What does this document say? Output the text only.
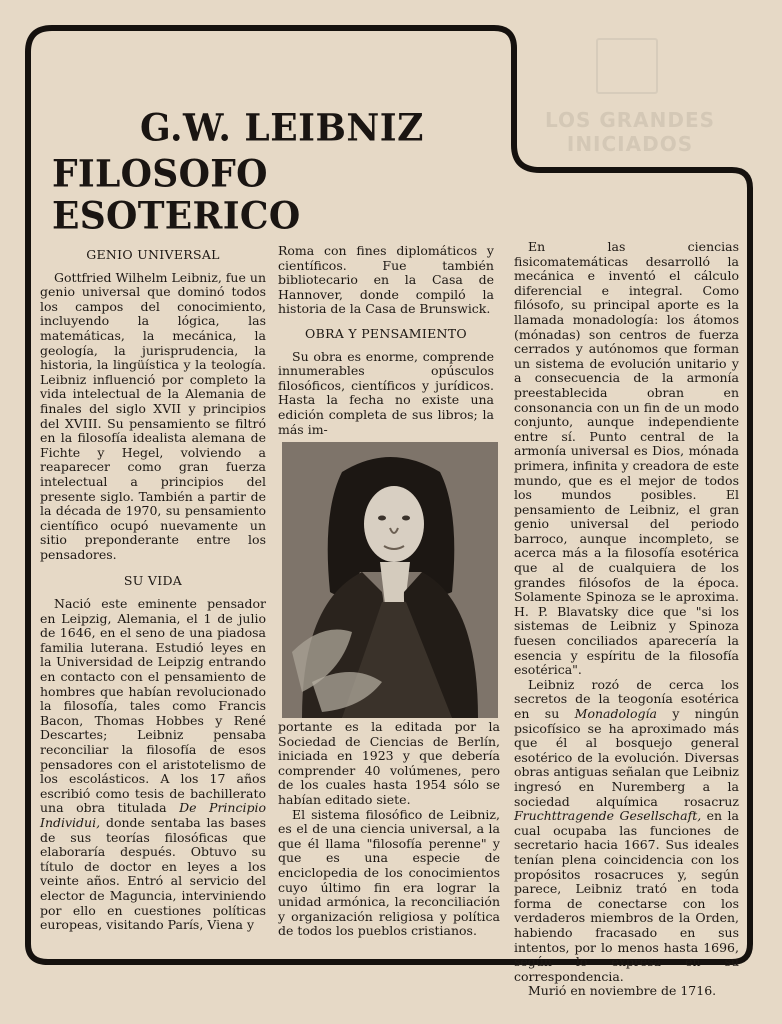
LOS GRANDES
INICIADOS
G.W. LEIBNIZ
FILOSOFO ESOTERICO
GENIO UNIVERSAL

Gottfried Wilhelm Leibniz, fue un genio universal que dominó todos los campos del conocimiento, incluyendo la lógica, las matemáticas, la mecánica, la geología, la jurisprudencia, la historia, la lingüística y la teología. Leibniz influenció por completo la vida intelectual de la Alemania de finales del siglo XVII y principios del XVIII. Su pensamiento se filtró en la filosofía idealista alemana de Fichte y Hegel, volviendo a reaparecer como gran fuerza intelectual a principios del presente siglo. También a partir de la década de 1970, su pensamiento científico ocupó nuevamente un sitio preponderante entre los pensadores.

SU VIDA

Nació este eminente pensador en Leipzig, Alemania, el 1 de julio de 1646, en el seno de una piadosa familia luterana. Estudió leyes en la Universidad de Leipzig entrando en contacto con el pensamiento de hombres que habían revolucionado la filosofía, tales como Francis Bacon, Thomas Hobbes y René Descartes; Leibniz pensaba reconciliar la filosofía de esos pensadores con el aristotelismo de los escolásticos. A los 17 años escribió como tesis de bachillerato una obra titulada De Principio Individui, donde sentaba las bases de sus teorías filosóficas que elaboraría después. Obtuvo su título de doctor en leyes a los veinte años. Entró al servicio del elector de Maguncia, interviniendo por ello en cuestiones políticas europeas, visitando París, Viena y

Roma con fines diplomáticos y científicos. Fue también bibliotecario en la Casa de Hannover, donde compiló la historia de la Casa de Brunswick.

OBRA Y PENSAMIENTO

Su obra es enorme, comprende innumerables opúsculos filosóficos, científicos y jurídicos. Hasta la fecha no existe una edición completa de sus libros; la más im-

portante es la editada por la Sociedad de Ciencias de Berlín, iniciada en 1923 y que debería comprender 40 volúmenes, pero de los cuales hasta 1954 sólo se habían editado siete.

El sistema filosófico de Leibniz, es el de una ciencia universal, a la que él llama "filosofía perenne" y que es una especie de enciclopedia de los conocimientos cuyo último fin era lograr la unidad armónica, la reconciliación y organización religiosa y política de todos los pueblos cristianos.

En las ciencias fisicomatemáticas desarrolló la mecánica e inventó el cálculo diferencial e integral. Como filósofo, su principal aporte es la llamada monadología: los átomos (mónadas) son centros de fuerza cerrados y autónomos que forman un sistema de evolución unitario y a consecuencia de la armonía preestablecida obran en consonancia con un fin de un modo conjunto, aunque independiente entre sí. Punto central de la armonía universal es Dios, mónada primera, infinita y creadora de este mundo, que es el mejor de todos los mundos posibles. El pensamiento de Leibniz, el gran genio universal del periodo barroco, aunque incompleto, se acerca más a la filosofía esotérica que al de cualquiera de los grandes filósofos de la época. Solamente Spinoza se le aproxima. H. P. Blavatsky dice que "si los sistemas de Leibniz y Spinoza fuesen conciliados aparecería la esencia y espíritu de la filosofía esotérica".

Leibniz rozó de cerca los secretos de la teogonía esotérica en su Monadología y ningún psicofísico se ha aproximado más que él al bosquejo general esotérico de la evolución. Diversas obras antiguas señalan que Leibniz ingresó en Nuremberg a la sociedad alquímica rosacruz Fruchttragende Gesellschaft, en la cual ocupaba las funciones de secretario hacia 1667. Sus ideales tenían plena coincidencia con los propósitos rosacruces y, según parece, Leibniz trató en toda forma de conectarse con los verdaderos miembros de la Orden, habiendo fracasado en sus intentos, por lo menos hasta 1696, según lo expresa en su correspondencia.

Murió en noviembre de 1716.
